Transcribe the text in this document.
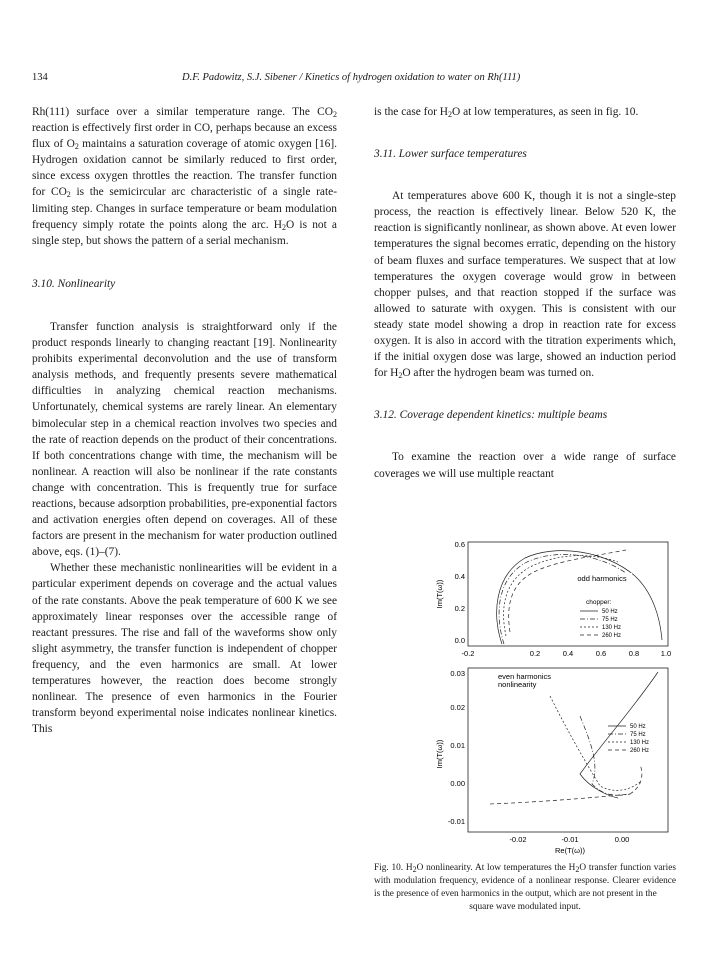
134	D.F. Padowitz, S.J. Sibener / Kinetics of hydrogen oxidation to water on Rh(111)

Rh(111) surface over a similar temperature range. The $CO_2$ reaction is effectively first order in CO, perhaps because an excess flux of $O_2$ maintains a saturation coverage of atomic oxygen [16]. Hydrogen oxidation cannot be similarly reduced to first order, since excess oxygen throttles the reaction. The transfer function for $CO_2$ is the semicircular arc characteristic of a single rate-limiting step. Changes in surface temperature or beam modulation frequency simply rotate the points along the arc. $H_2O$ is not a single step, but shows the pattern of a serial mechanism.

3.10. Nonlinearity

Transfer function analysis is straightforward only if the product responds linearly to changing reactant [19]. Nonlinearity prohibits experimental deconvolution and the use of transform analysis methods, and frequently presents severe mathematical difficulties in analyzing chemical reaction mechanisms. Unfortunately, chemical systems are rarely linear. An elementary bimolecular step in a chemical reaction involves two species and the rate of reaction depends on the product of their concentrations. If both concentrations change with time, the mechanism will be nonlinear. A reaction will also be nonlinear if the rate constants change with concentration. This is frequently true for surface reactions, because adsorption probabilities, pre-exponential factors and activation energies often depend on coverages. All of these factors are present in the mechanism for water production outlined above, eqs. (1)–(7).

Whether these mechanistic nonlinearities will be evident in a particular experiment depends on coverage and the actual values of the rate constants. Above the peak temperature of 600 K we see approximately linear responses over the accessible range of reactant pressures. The rise and fall of the waveforms show only slight asymmetry, the transfer function is independent of chopper frequency, and the even harmonics are small. At lower temperatures however, the reaction does become strongly nonlinear. The presence of even harmonics in the Fourier transform beyond experimental noise indicates nonlinear kinetics. This

is the case for $H_2O$ at low temperatures, as seen in fig. 10.

3.11. Lower surface temperatures

At temperatures above 600 K, though it is not a single-step process, the reaction is effectively linear. Below 520 K, the reaction is significantly nonlinear, as shown above. At even lower temperatures the signal becomes erratic, depending on the history of beam fluxes and surface temperatures. We suspect that at low temperatures the oxygen coverage would grow in between chopper pulses, and that reaction stopped if the surface was allowed to saturate with oxygen. This is consistent with our steady state model showing a drop in reaction rate for excess oxygen. It is also in accord with the titration experiments which, if the initial oxygen dose was large, showed an induction period for $H_2O$ after the hydrogen beam was turned on.

3.12. Coverage dependent kinetics: multiple beams

To examine the reaction over a wide range of surface coverages we will use multiple reactant

Im(T(ω))
0.6
0.4
0.2
0.0
-0.2	0.2	0.4	0.6	0.8	1.0
odd harmonics
chopper:
50 Hz
75 Hz
130 Hz
260 Hz
Im(T(ω))
0.03
0.02
0.01
0.00
-0.01
-0.02	-0.01	0.00
Re(T(ω))
even harmonics
nonlinearity
50 Hz
75 Hz
130 Hz
260 Hz
Fig. 10. $H_2O$ nonlinearity. At low temperatures the $H_2O$ transfer function varies with modulation frequency, evidence of a nonlinear response. Clearer evidence is the presence of even harmonics in the output, which are not present in the
square wave modulated input.
